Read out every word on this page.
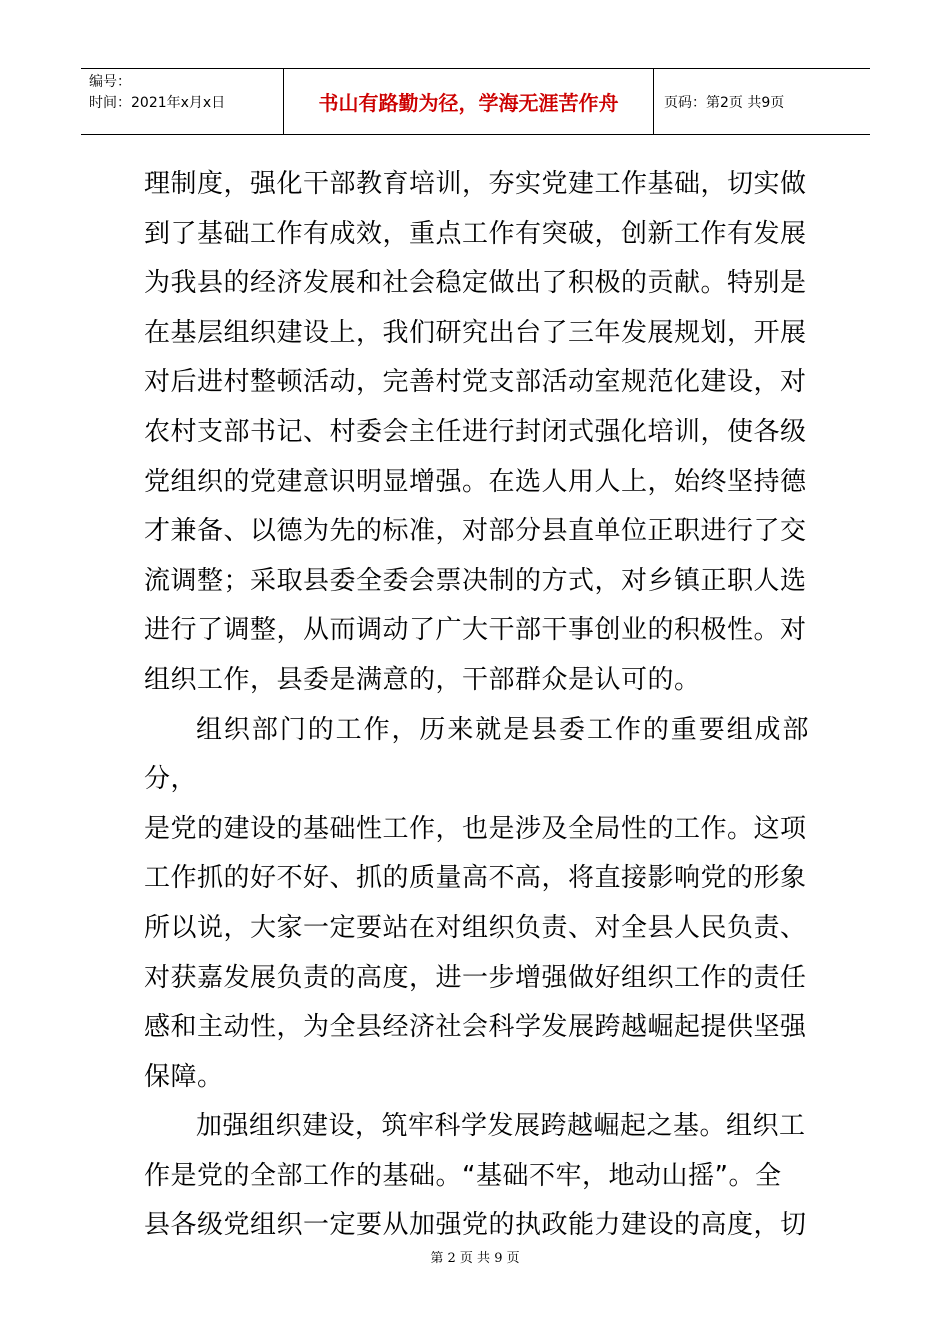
编号：
时间：2021年x月x日	书山有路勤为径，学海无涯苦作舟	页码：第2页 共9页

理制度，强化干部教育培训，夯实党建工作基础，切实做

到了基础工作有成效，重点工作有突破，创新工作有发展

为我县的经济发展和社会稳定做出了积极的贡献。特别是

在基层组织建设上，我们研究出台了三年发展规划，开展

对后进村整顿活动，完善村党支部活动室规范化建设，对

农村支部书记、村委会主任进行封闭式强化培训，使各级

党组织的党建意识明显增强。在选人用人上，始终坚持德

才兼备、以德为先的标准，对部分县直单位正职进行了交

流调整；采取县委全委会票决制的方式，对乡镇正职人选

进行了调整，从而调动了广大干部干事创业的积极性。对

组织工作，县委是满意的，干部群众是认可的。

组织部门的工作，历来就是县委工作的重要组成部分，

是党的建设的基础性工作，也是涉及全局性的工作。这项

工作抓的好不好、抓的质量高不高，将直接影响党的形象

所以说，大家一定要站在对组织负责、对全县人民负责、

对获嘉发展负责的高度，进一步增强做好组织工作的责任

感和主动性，为全县经济社会科学发展跨越崛起提供坚强

保障。

加强组织建设，筑牢科学发展跨越崛起之基。组织工

作是党的全部工作的基础。“基础不牢，地动山摇”。全

县各级党组织一定要从加强党的执政能力建设的高度，切

第 2 页 共 9 页
